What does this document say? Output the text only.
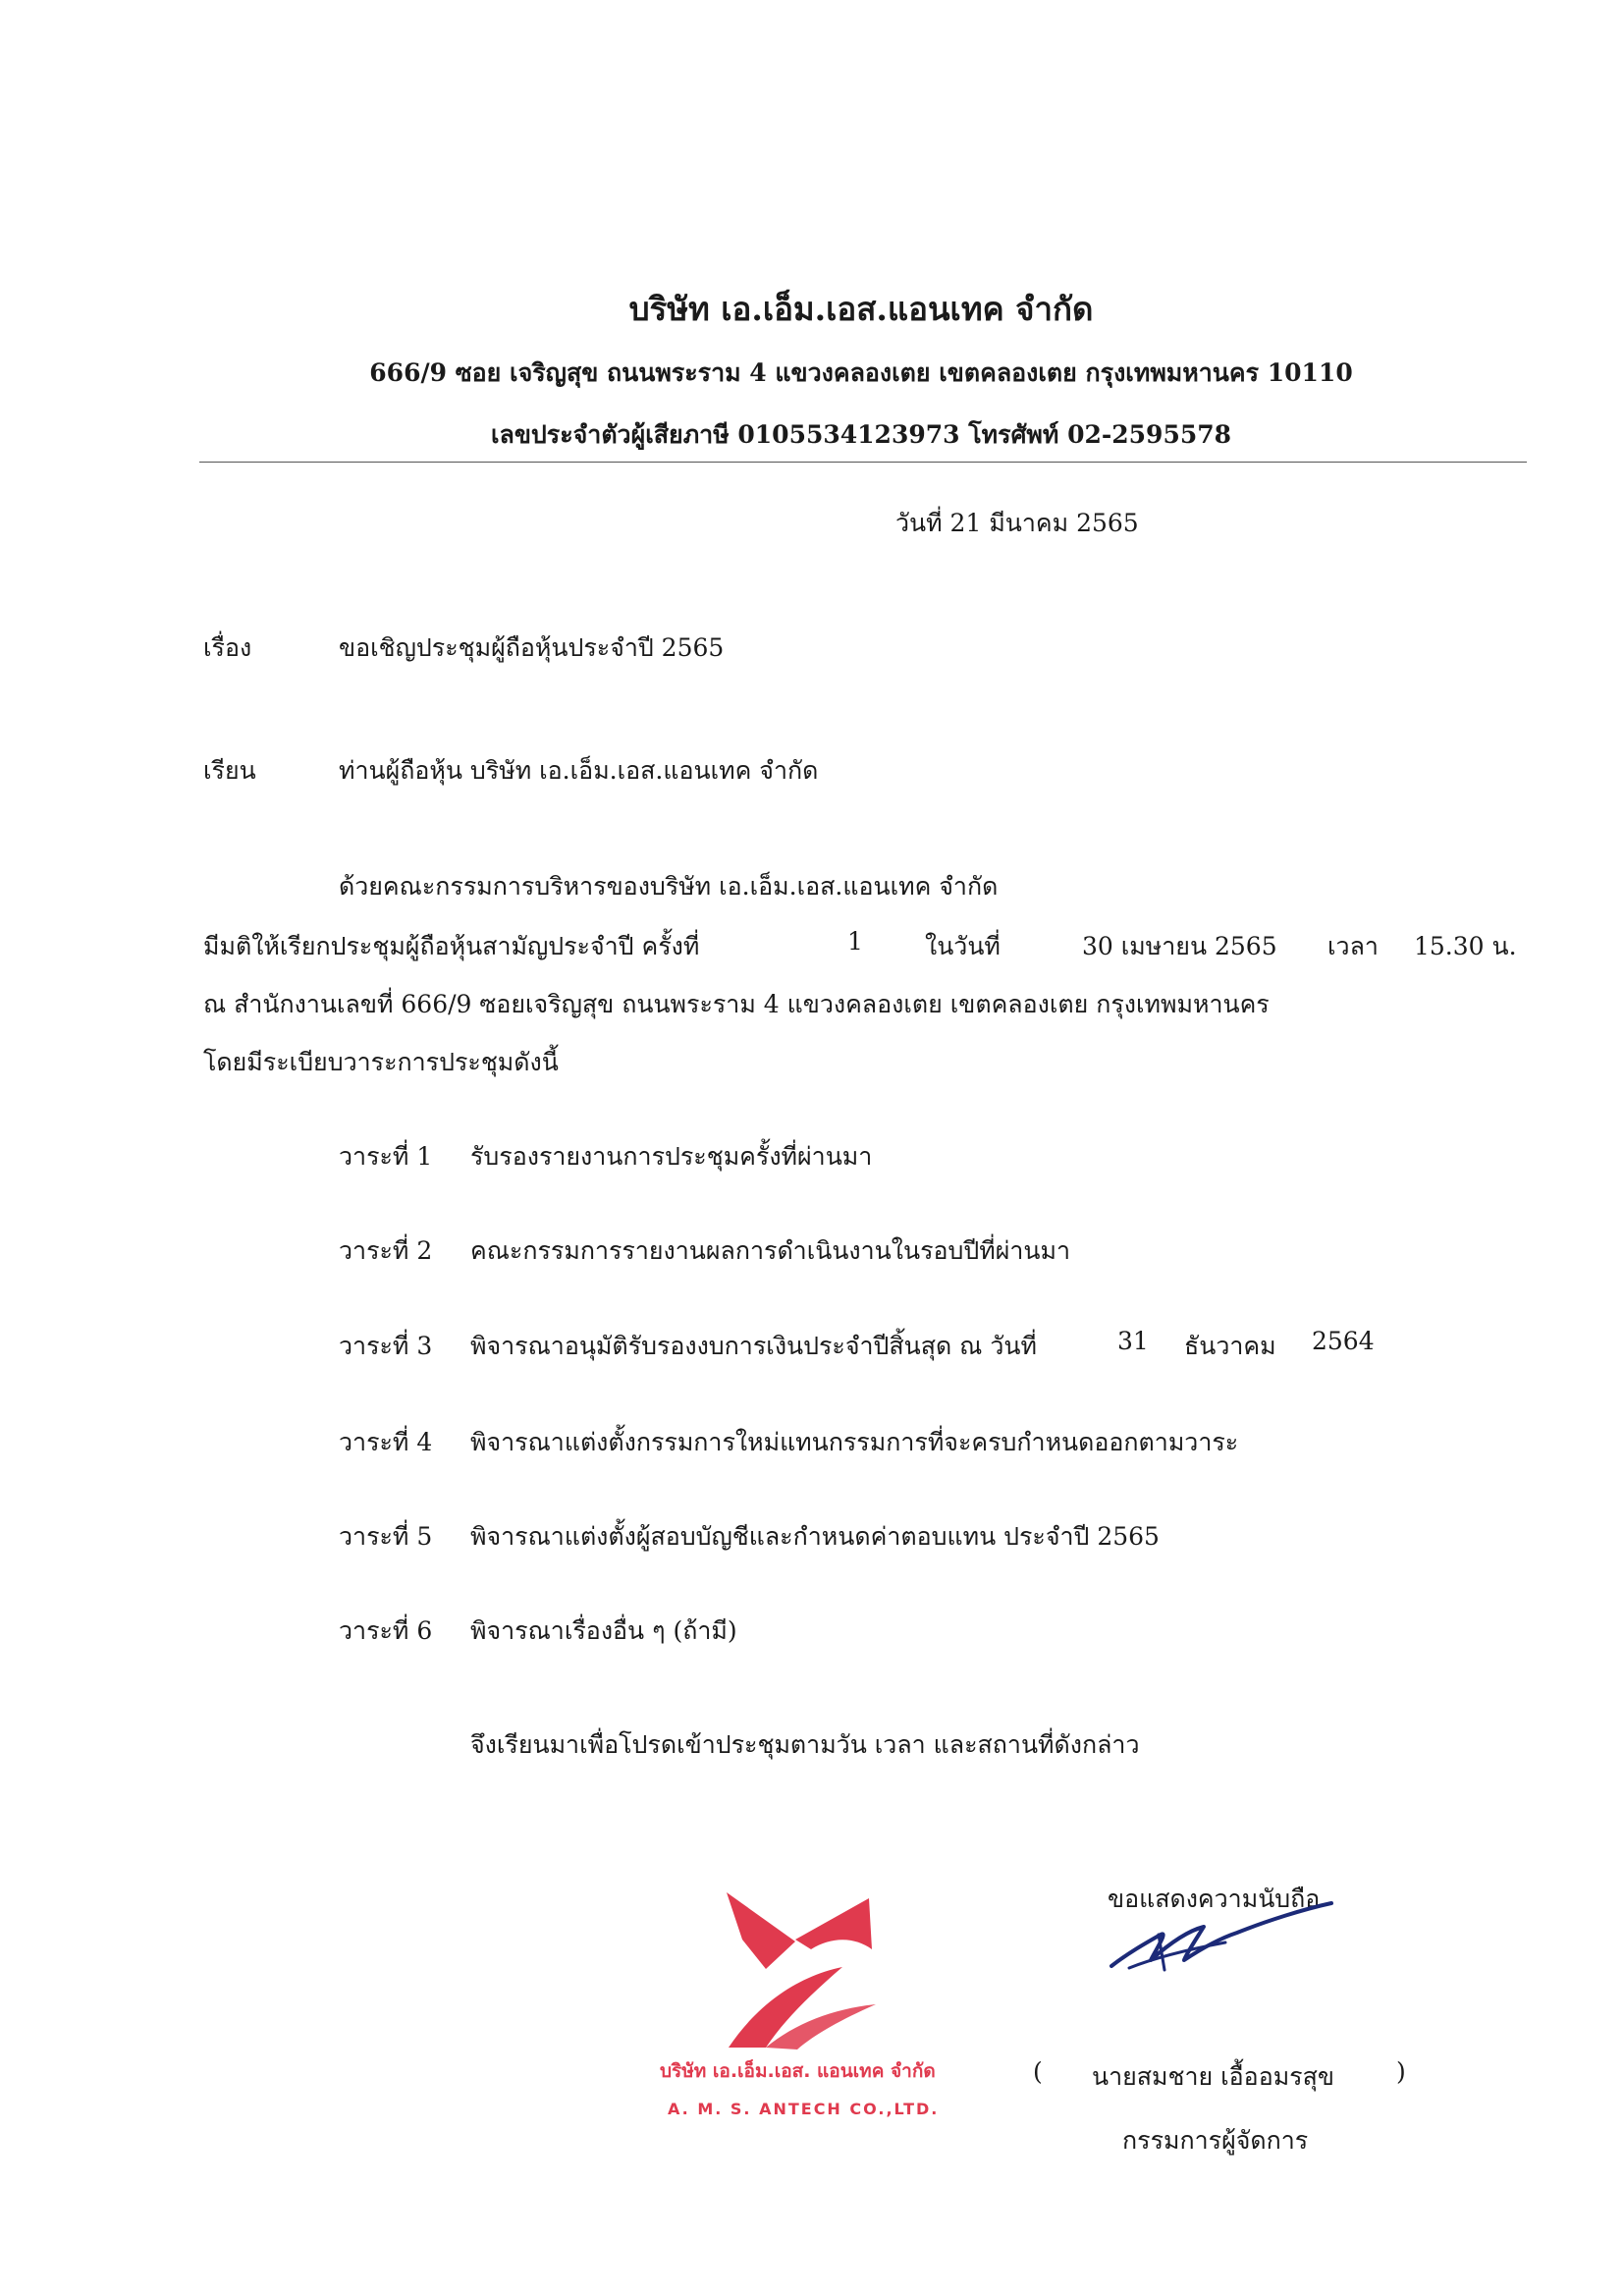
บริษัท เอ.เอ็ม.เอส.แอนเทค จำกัด
666/9 ซอย เจริญสุข ถนนพระราม 4 แขวงคลองเตย เขตคลองเตย กรุงเทพมหานคร 10110
เลขประจำตัวผู้เสียภาษี 0105534123973 โทรศัพท์ 02-2595578
วันที่ 21 มีนาคม 2565
เรื่อง	ขอเชิญประชุมผู้ถือหุ้นประจำปี 2565
เรียน	ท่านผู้ถือหุ้น บริษัท เอ.เอ็ม.เอส.แอนเทค จำกัด
ด้วยคณะกรรมการบริหารของบริษัท เอ.เอ็ม.เอส.แอนเทค จำกัด
มีมติให้เรียกประชุมผู้ถือหุ้นสามัญประจำปี ครั้งที่	1	ในวันที่	30 เมษายน 2565 เวลา 15.30 น.
ณ สำนักงานเลขที่ 666/9 ซอยเจริญสุข ถนนพระราม 4 แขวงคลองเตย เขตคลองเตย กรุงเทพมหานคร
โดยมีระเบียบวาระการประชุมดังนี้
วาระที่ 1 รับรองรายงานการประชุมครั้งที่ผ่านมา
วาระที่ 2 คณะกรรมการรายงานผลการดำเนินงานในรอบปีที่ผ่านมา
วาระที่ 3 พิจารณาอนุมัติรับรองงบการเงินประจำปีสิ้นสุด ณ วันที่	31 ธันวาคม 2564
วาระที่ 4 พิจารณาแต่งตั้งกรรมการใหม่แทนกรรมการที่จะครบกำหนดออกตามวาระ
วาระที่ 5 พิจารณาแต่งตั้งผู้สอบบัญชีและกำหนดค่าตอบแทน ประจำปี 2565
วาระที่ 6 พิจารณาเรื่องอื่น ๆ (ถ้ามี)
จึงเรียนมาเพื่อโปรดเข้าประชุมตามวัน เวลา และสถานที่ดังกล่าว
ขอแสดงความนับถือ
( นายสมชาย เอื้ออมรสุข	)
กรรมการผู้จัดการ
บริษัท เอ.เอ็ม.เอส. แอนเทค จำกัด
A. M. S. ANTECH CO.,LTD.
